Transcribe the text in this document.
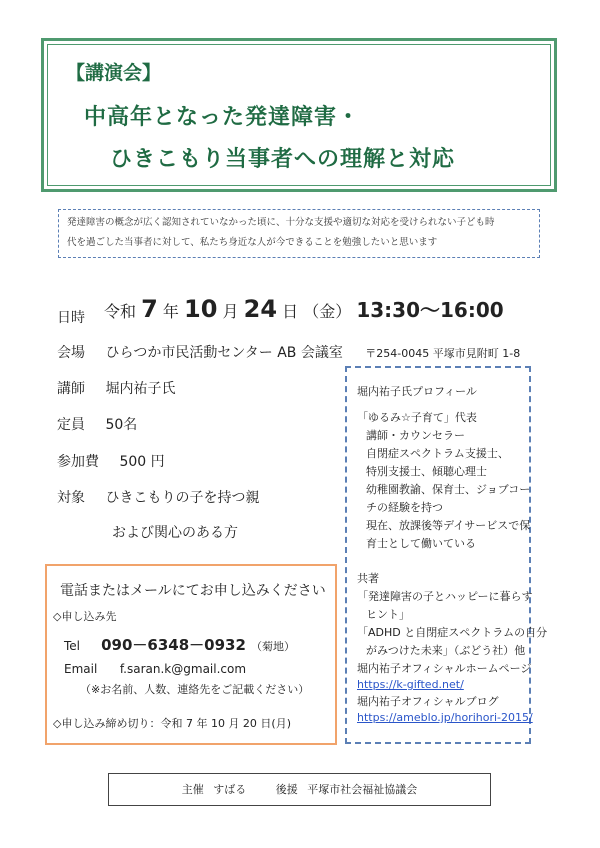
【講演会】
中高年となった発達障害・
ひきこもり当事者への理解と対応
発達障害の概念が広く認知されていなかった頃に、十分な支援や適切な対応を受けられない子ども時
代を過ごした当事者に対して、私たち身近な人が今できることを勉強したいと思います
日時 令和 7 年 10 月 24 日 （金） 13:30～16:00
会場 ひらつか市民活動センター AB 会議室 〒254-0045 平塚市見附町 1-8
講師 堀内祐子氏
定員 50名
参加費 500 円
対象 ひきこもりの子を持つ親
および関心のある方
堀内祐子氏プロフィール
「ゆるみ☆子育て」代表
講師・カウンセラー
自閉症スペクトラム支援士、
特別支援士、傾聴心理士
幼稚園教諭、保育士、ジョブコー
チの経験を持つ
現在、放課後等デイサービスで保
育士として働いている
共著
「発達障害の子とハッピーに暮らす
ヒント」
「ADHD と自閉症スペクトラムの自分
がみつけた未来」（ぶどう社）他
堀内祐子オフィシャルホームページ
https://k-gifted.net/
堀内祐子オフィシャルブログ
https://ameblo.jp/horihori-2015/
電話またはメールにてお申し込みください
◇申し込み先
Tel 090－6348－0932 （菊地）
Email f.saran.k@gmail.com
（※お名前、人数、連絡先をご記載ください）
◇申し込み締め切り：令和 7 年 10 月 20 日(月)
主催 すばる	後援 平塚市社会福祉協議会
